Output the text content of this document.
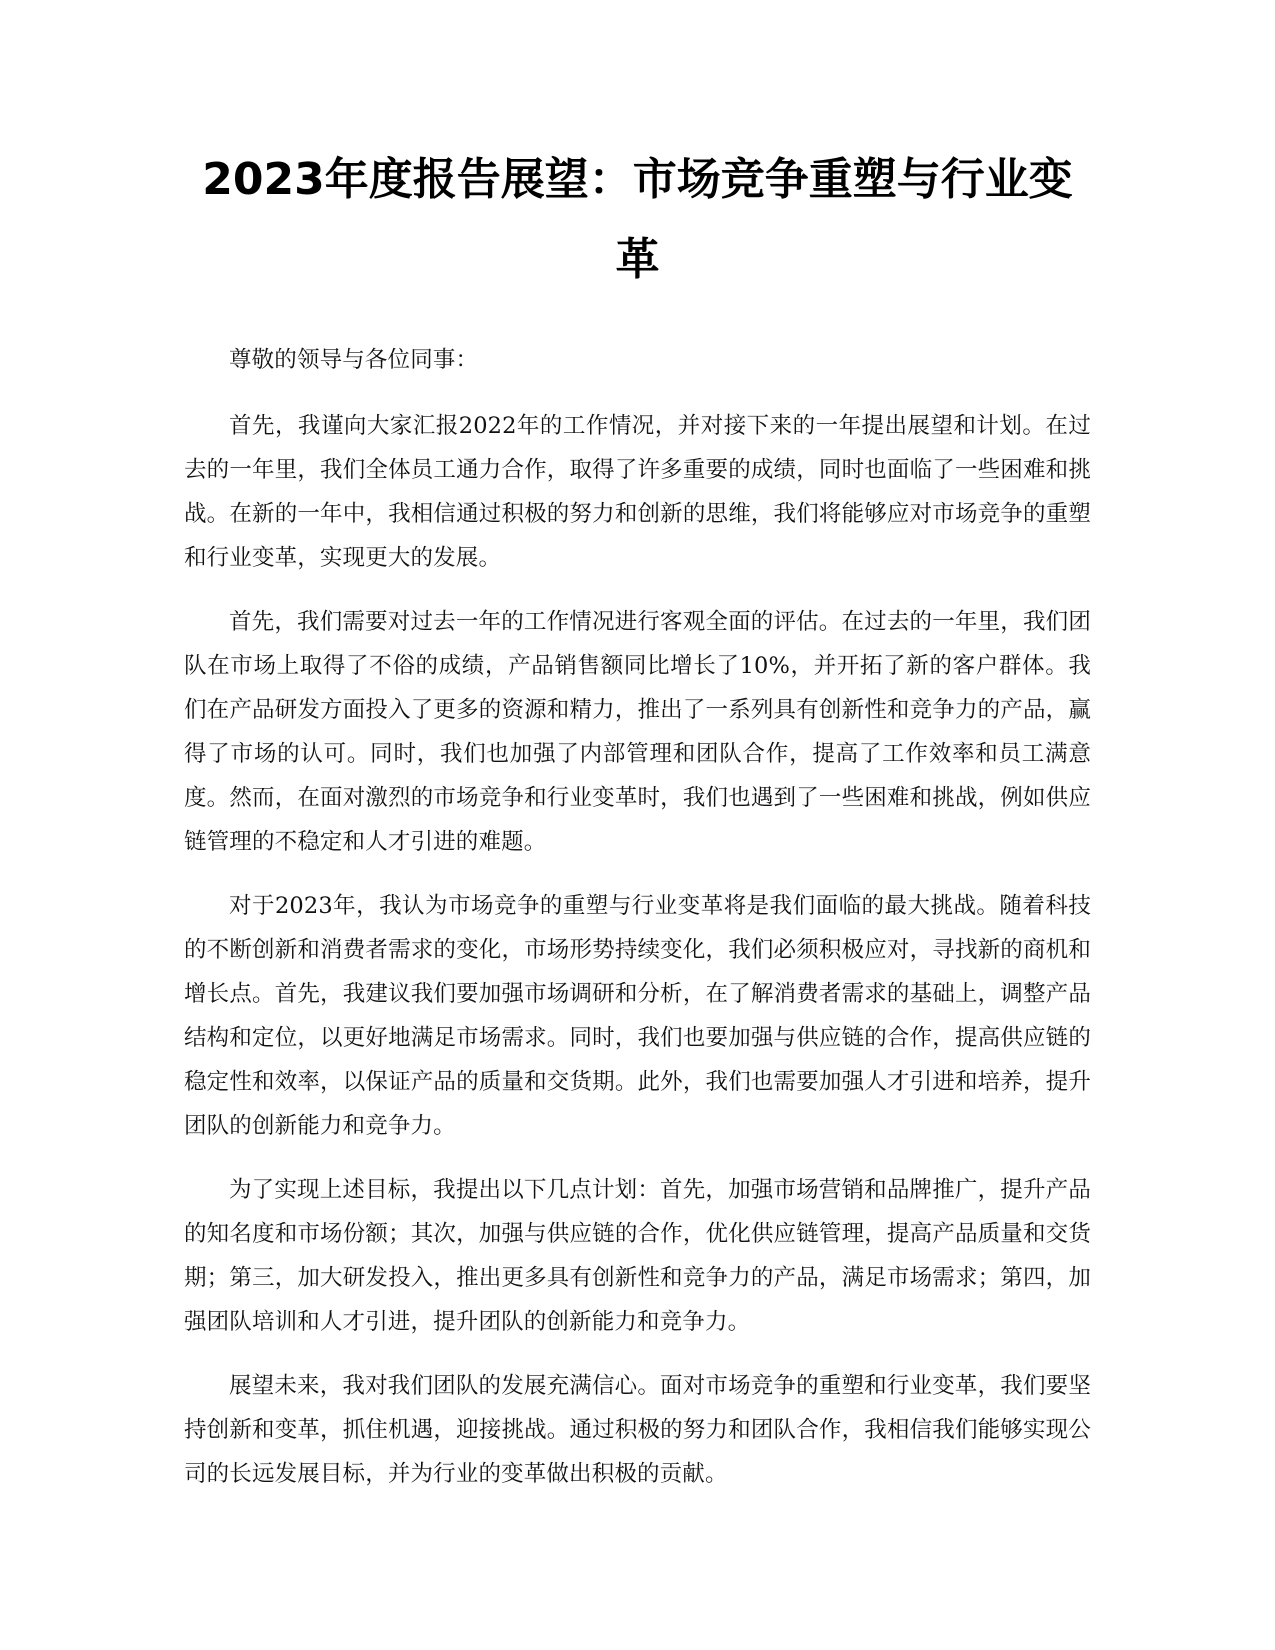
2023年度报告展望：市场竞争重塑与行业变革

尊敬的领导与各位同事：

首先，我谨向大家汇报2022年的工作情况，并对接下来的一年提出展望和计划。在过去的一年里，我们全体员工通力合作，取得了许多重要的成绩，同时也面临了一些困难和挑战。在新的一年中，我相信通过积极的努力和创新的思维，我们将能够应对市场竞争的重塑和行业变革，实现更大的发展。

首先，我们需要对过去一年的工作情况进行客观全面的评估。在过去的一年里，我们团队在市场上取得了不俗的成绩，产品销售额同比增长了10%，并开拓了新的客户群体。我们在产品研发方面投入了更多的资源和精力，推出了一系列具有创新性和竞争力的产品，赢得了市场的认可。同时，我们也加强了内部管理和团队合作，提高了工作效率和员工满意度。然而，在面对激烈的市场竞争和行业变革时，我们也遇到了一些困难和挑战，例如供应链管理的不稳定和人才引进的难题。

对于2023年，我认为市场竞争的重塑与行业变革将是我们面临的最大挑战。随着科技的不断创新和消费者需求的变化，市场形势持续变化，我们必须积极应对，寻找新的商机和增长点。首先，我建议我们要加强市场调研和分析，在了解消费者需求的基础上，调整产品结构和定位，以更好地满足市场需求。同时，我们也要加强与供应链的合作，提高供应链的稳定性和效率，以保证产品的质量和交货期。此外，我们也需要加强人才引进和培养，提升团队的创新能力和竞争力。

为了实现上述目标，我提出以下几点计划：首先，加强市场营销和品牌推广，提升产品的知名度和市场份额；其次，加强与供应链的合作，优化供应链管理，提高产品质量和交货期；第三，加大研发投入，推出更多具有创新性和竞争力的产品，满足市场需求；第四，加强团队培训和人才引进，提升团队的创新能力和竞争力。

展望未来，我对我们团队的发展充满信心。面对市场竞争的重塑和行业变革，我们要坚持创新和变革，抓住机遇，迎接挑战。通过积极的努力和团队合作，我相信我们能够实现公司的长远发展目标，并为行业的变革做出积极的贡献。
